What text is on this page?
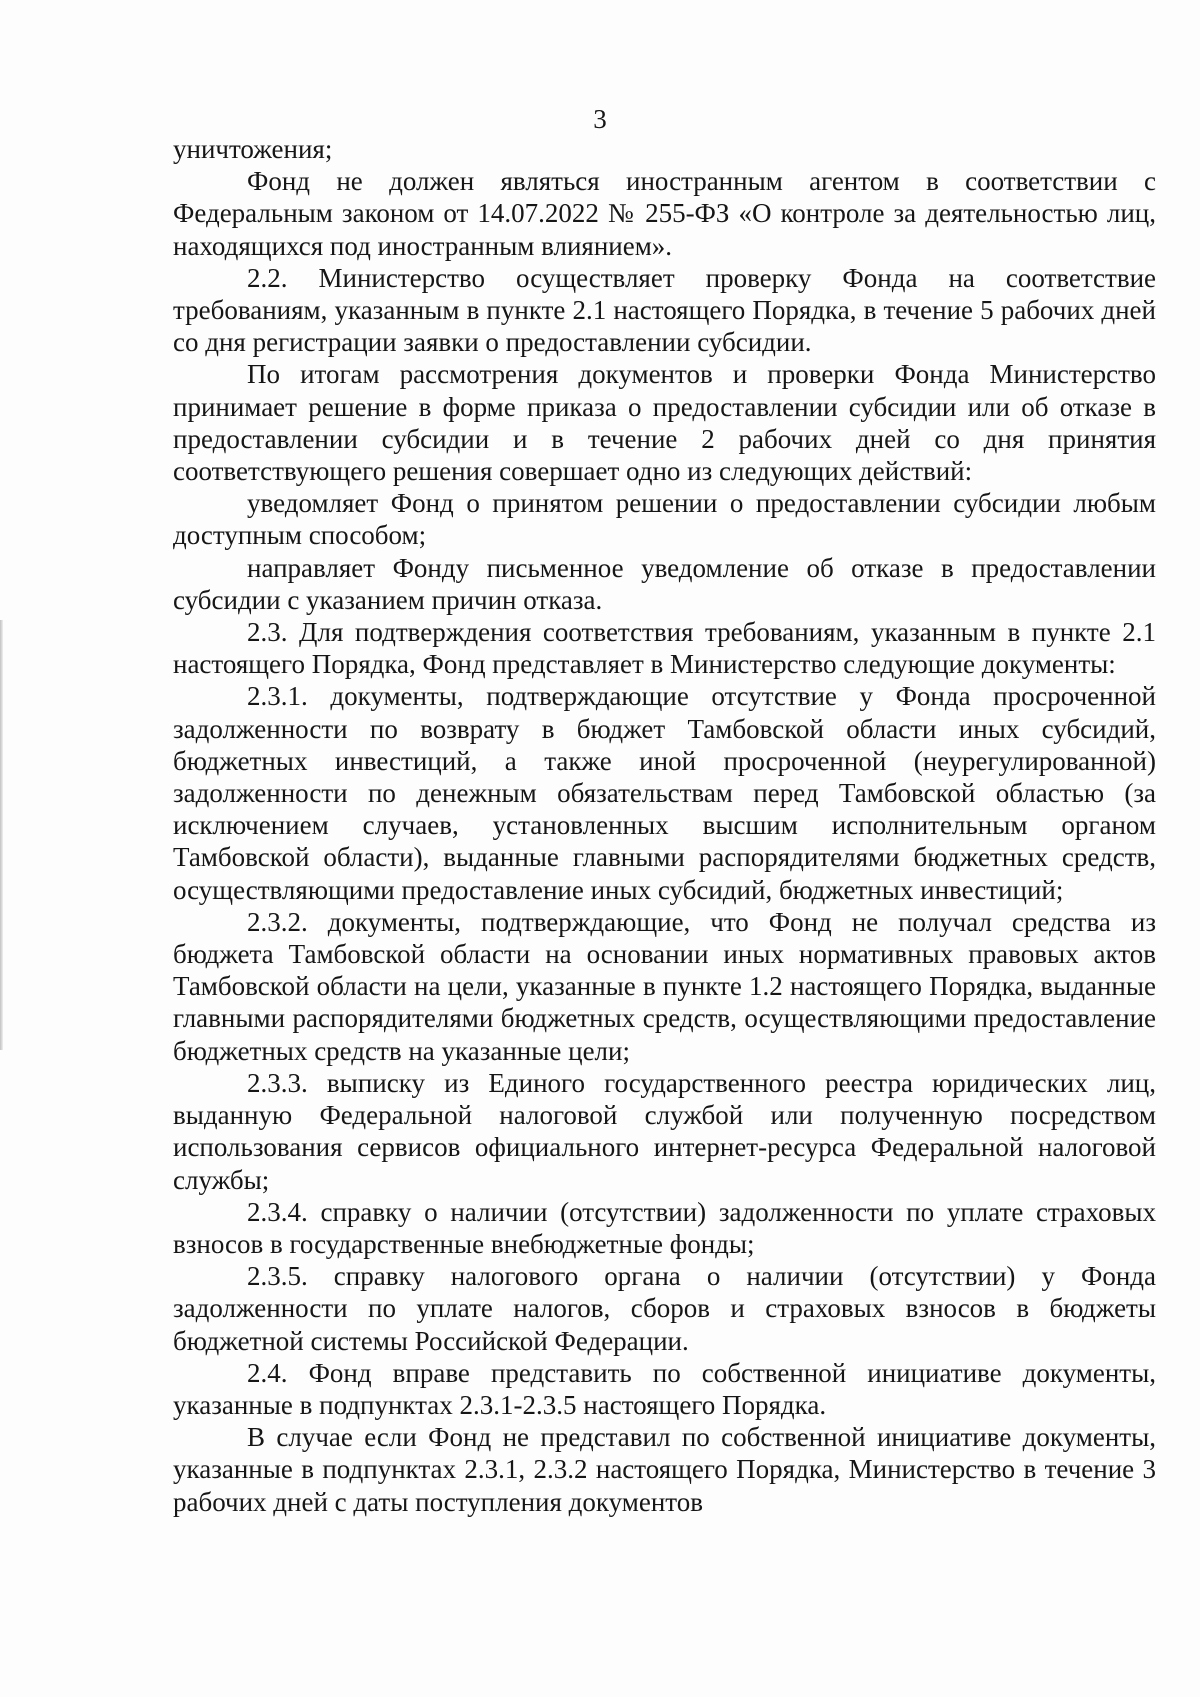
3

уничтожения;

Фонд не должен являться иностранным агентом в соответствии с Федеральным законом от 14.07.2022 № 255-ФЗ «О контроле за деятельностью лиц, находящихся под иностранным влиянием».

2.2. Министерство осуществляет проверку Фонда на соответствие требованиям, указанным в пункте 2.1 настоящего Порядка, в течение 5 рабочих дней со дня регистрации заявки о предоставлении субсидии.

По итогам рассмотрения документов и проверки Фонда Министерство принимает решение в форме приказа о предоставлении субсидии или об отказе в предоставлении субсидии и в течение 2 рабочих дней со дня принятия соответствующего решения совершает одно из следующих действий:

уведомляет Фонд о принятом решении о предоставлении субсидии любым доступным способом;

направляет Фонду письменное уведомление об отказе в предоставлении субсидии с указанием причин отказа.

2.3. Для подтверждения соответствия требованиям, указанным в пункте 2.1 настоящего Порядка, Фонд представляет в Министерство следующие документы:

2.3.1. документы, подтверждающие отсутствие у Фонда просроченной задолженности по возврату в бюджет Тамбовской области иных субсидий, бюджетных инвестиций, а также иной просроченной (неурегулированной) задолженности по денежным обязательствам перед Тамбовской областью (за исключением случаев, установленных высшим исполнительным органом Тамбовской области), выданные главными распорядителями бюджетных средств, осуществляющими предоставление иных субсидий, бюджетных инвестиций;

2.3.2. документы, подтверждающие, что Фонд не получал средства из бюджета Тамбовской области на основании иных нормативных правовых актов Тамбовской области на цели, указанные в пункте 1.2 настоящего Порядка, выданные главными распорядителями бюджетных средств, осуществляющими предоставление бюджетных средств на указанные цели;

2.3.3. выписку из Единого государственного реестра юридических лиц, выданную Федеральной налоговой службой или полученную посредством использования сервисов официального интернет-ресурса Федеральной налоговой службы;

2.3.4. справку о наличии (отсутствии) задолженности по уплате страховых взносов в государственные внебюджетные фонды;

2.3.5. справку налогового органа о наличии (отсутствии) у Фонда задолженности по уплате налогов, сборов и страховых взносов в бюджеты бюджетной системы Российской Федерации.

2.4. Фонд вправе представить по собственной инициативе документы, указанные в подпунктах 2.3.1-2.3.5 настоящего Порядка.

В случае если Фонд не представил по собственной инициативе документы, указанные в подпунктах 2.3.1, 2.3.2 настоящего Порядка, Министерство в течение 3 рабочих дней с даты поступления документов
